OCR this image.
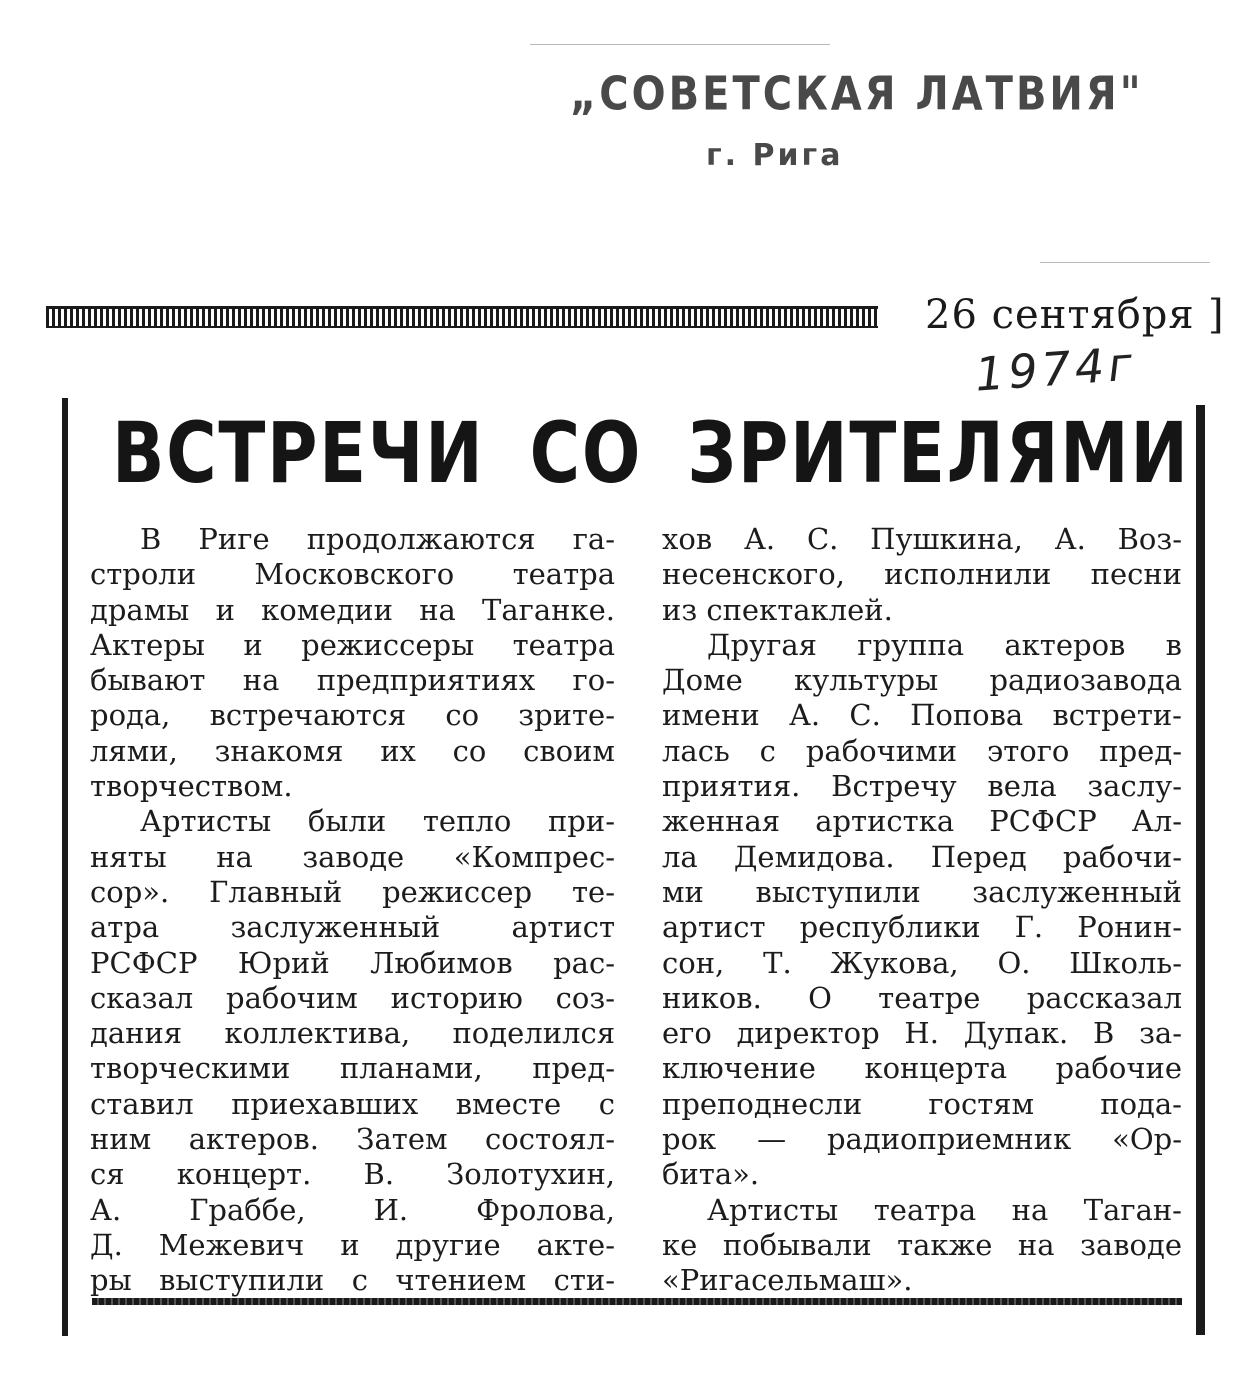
„СОВЕТСКАЯ ЛАТВИЯ"
г. Рига
26 сентября ]
1974г
ВСТРЕЧИ СО ЗРИТЕЛЯМИ
В Риге продолжаются га-
строли Московского театра
драмы и комедии на Таганке.
Актеры и режиссеры театра
бывают на предприятиях го-
рода, встречаются со зрите-
лями, знакомя их со своим
творчеством.
Артисты были тепло при-
няты на заводе «Компрес-
сор». Главный режиссер те-
атра заслуженный артист
РСФСР Юрий Любимов рас-
сказал рабочим историю соз-
дания коллектива, поделился
творческими планами, пред-
ставил приехавших вместе с
ним актеров. Затем состоял-
ся концерт. В. Золотухин,
А. Граббе, И. Фролова,
Д. Межевич и другие акте-
ры выступили с чтением сти-
хов А. С. Пушкина, А. Воз-
несенского, исполнили песни
из спектаклей.
Другая группа актеров в
Доме культуры радиозавода
имени А. С. Попова встрети-
лась с рабочими этого пред-
приятия. Встречу вела заслу-
женная артистка РСФСР Ал-
ла Демидова. Перед рабочи-
ми выступили заслуженный
артист республики Г. Ронин-
сон, Т. Жукова, О. Школь-
ников. О театре рассказал
его директор Н. Дупак. В за-
ключение концерта рабочие
преподнесли гостям пода-
рок — радиоприемник «Ор-
бита».
Артисты театра на Таган-
ке побывали также на заводе
«Ригасельмаш».
